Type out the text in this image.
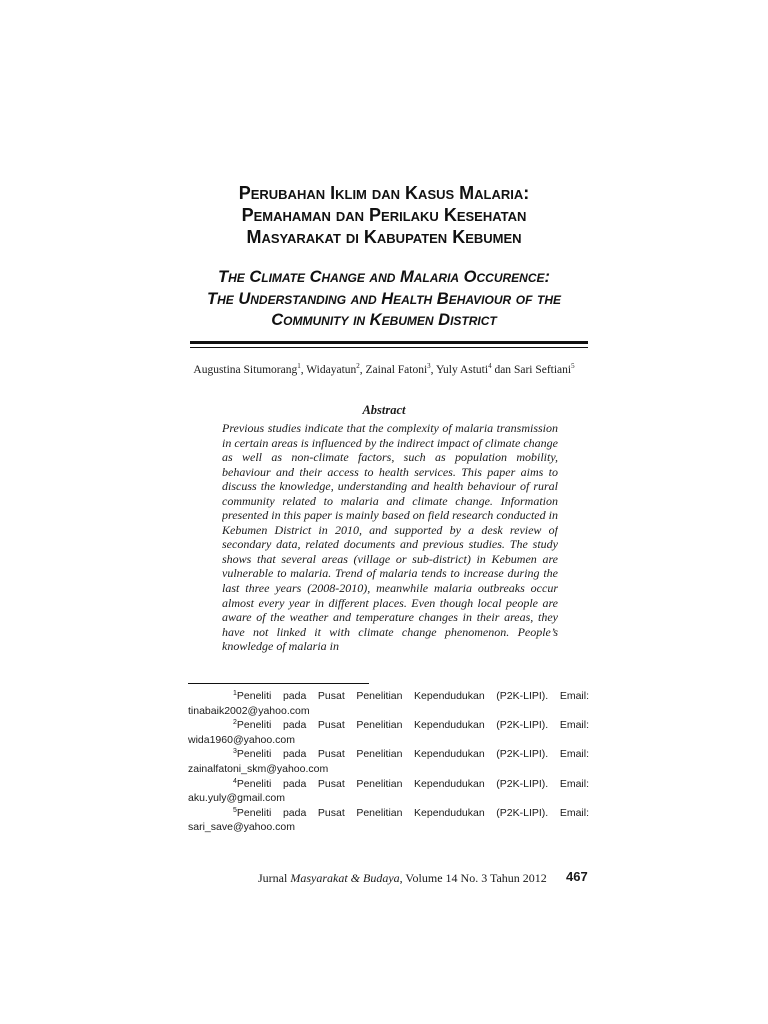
Perubahan Iklim dan Kasus Malaria:
Pemahaman dan Perilaku Kesehatan
Masyarakat di Kabupaten Kebumen
The Climate Change and Malaria Occurence:
The Understanding and Health Behaviour of the
Community in Kebumen District
Augustina Situmorang$^1$, Widayatun$^2$, Zainal Fatoni$^3$, Yuly Astuti$^4$ dan Sari Seftiani$^5$
Abstract
Previous studies indicate that the complexity of malaria transmission in certain areas is influenced by the indirect impact of climate change as well as non-climate factors, such as population mobility, behaviour and their access to health services. This paper aims to discuss the knowledge, understanding and health behaviour of rural community related to malaria and climate change. Information presented in this paper is mainly based on field research conducted in Kebumen District in 2010, and supported by a desk review of secondary data, related documents and previous studies. The study shows that several areas (village or sub-district) in Kebumen are vulnerable to malaria. Trend of malaria tends to increase during the last three years (2008-2010), meanwhile malaria outbreaks occur almost every year in different places. Even though local people are aware of the weather and temperature changes in their areas, they have not linked it with climate change phenomenon. People’s knowledge of malaria in
$^1$Peneliti pada Pusat Penelitian Kependudukan (P2K-LIPI). Email:
tinabaik2002@yahoo.com
$^2$Peneliti pada Pusat Penelitian Kependudukan (P2K-LIPI). Email:
wida1960@yahoo.com
$^3$Peneliti pada Pusat Penelitian Kependudukan (P2K-LIPI). Email:
zainalfatoni_skm@yahoo.com
$^4$Peneliti pada Pusat Penelitian Kependudukan (P2K-LIPI). Email:
aku.yuly@gmail.com
$^5$Peneliti pada Pusat Penelitian Kependudukan (P2K-LIPI). Email:
sari_save@yahoo.com
Jurnal Masyarakat & Budaya, Volume 14 No. 3 Tahun 2012 467
